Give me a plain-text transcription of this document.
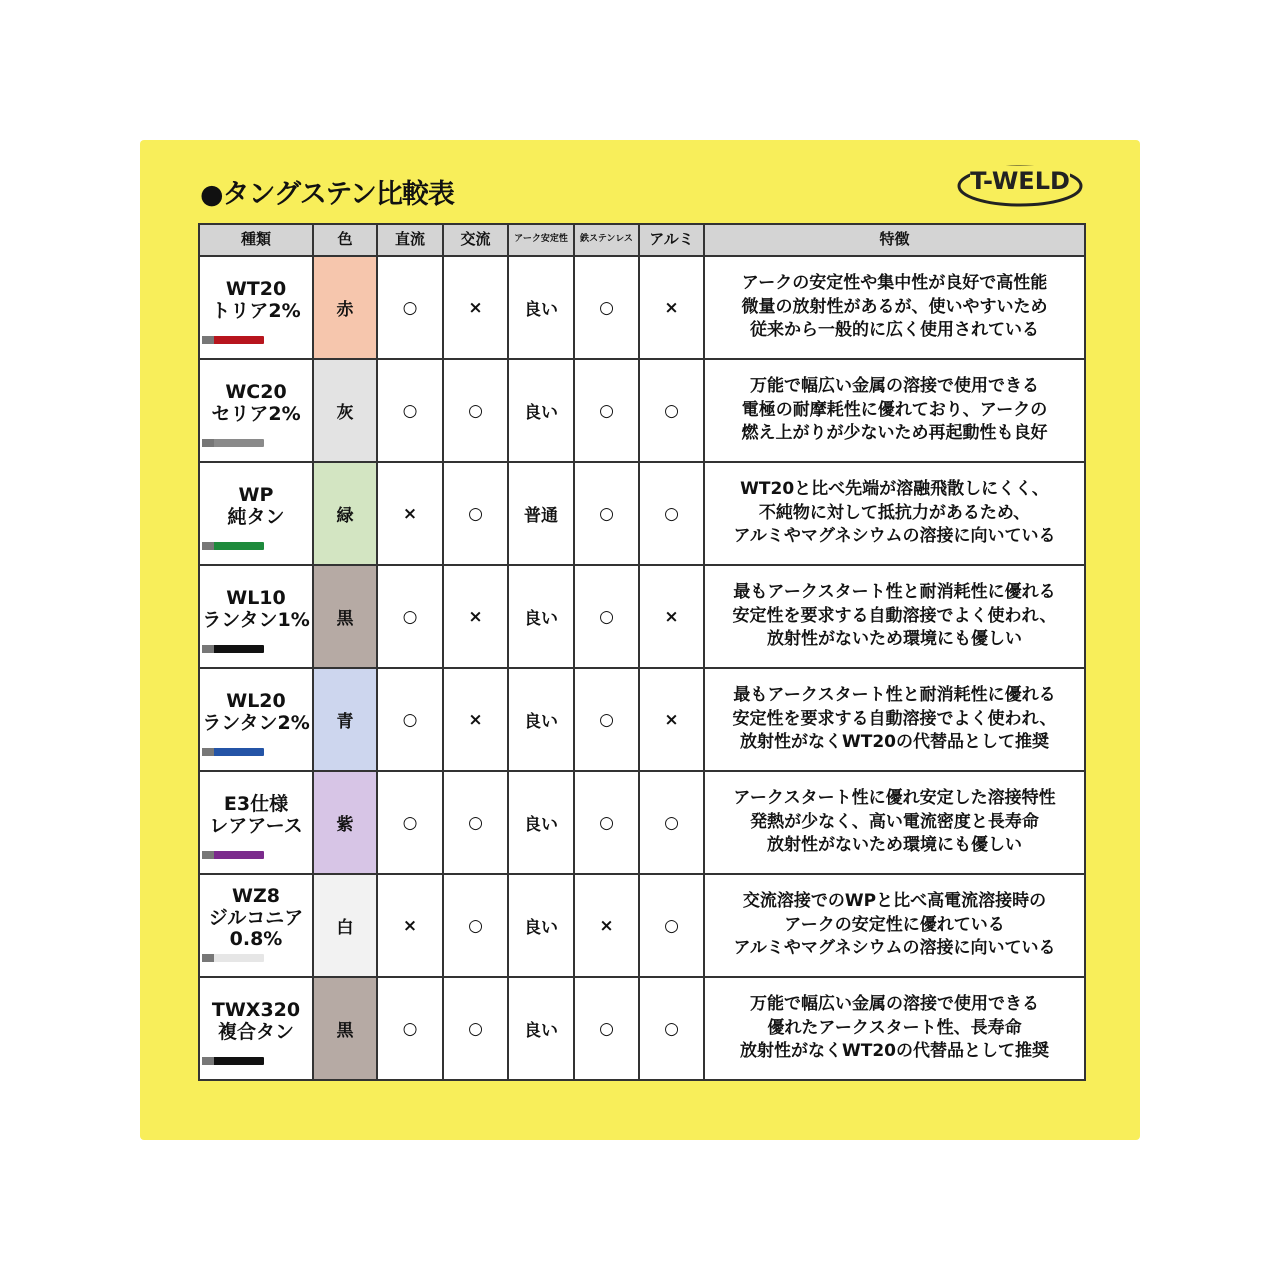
●タングステン比較表	T-WELD
種類	色	直流	交流	アーク安定性	鉄ステンレス	アルミ	特徴

WT20
トリア2%	赤	○	×	良い	○	×	アークの安定性や集中性が良好で高性能
微量の放射性があるが、使いやすいため
従来から一般的に広く使用されている

WC20
セリア2%	灰	○	○	良い	○	○	万能で幅広い金属の溶接で使用できる
電極の耐摩耗性に優れており、アークの
燃え上がりが少ないため再起動性も良好

WP
純タン	緑	×	○	普通	○	○	WT20と比べ先端が溶融飛散しにくく、
不純物に対して抵抗力があるため、
アルミやマグネシウムの溶接に向いている

WL10
ランタン1%	黒	○	×	良い	○	×	最もアークスタート性と耐消耗性に優れる
安定性を要求する自動溶接でよく使われ、
放射性がないため環境にも優しい

WL20
ランタン2%	青	○	×	良い	○	×	最もアークスタート性と耐消耗性に優れる
安定性を要求する自動溶接でよく使われ、
放射性がなくWT20の代替品として推奨

E3仕様
レアアース	紫	○	○	良い	○	○	アークスタート性に優れ安定した溶接特性
発熱が少なく、高い電流密度と長寿命
放射性がないため環境にも優しい

WZ8
ジルコニア
0.8%	白	×	○	良い	×	○	交流溶接でのWPと比べ高電流溶接時の
アークの安定性に優れている
アルミやマグネシウムの溶接に向いている

TWX320
複合タン	黒	○	○	良い	○	○	万能で幅広い金属の溶接で使用できる
優れたアークスタート性、長寿命
放射性がなくWT20の代替品として推奨
